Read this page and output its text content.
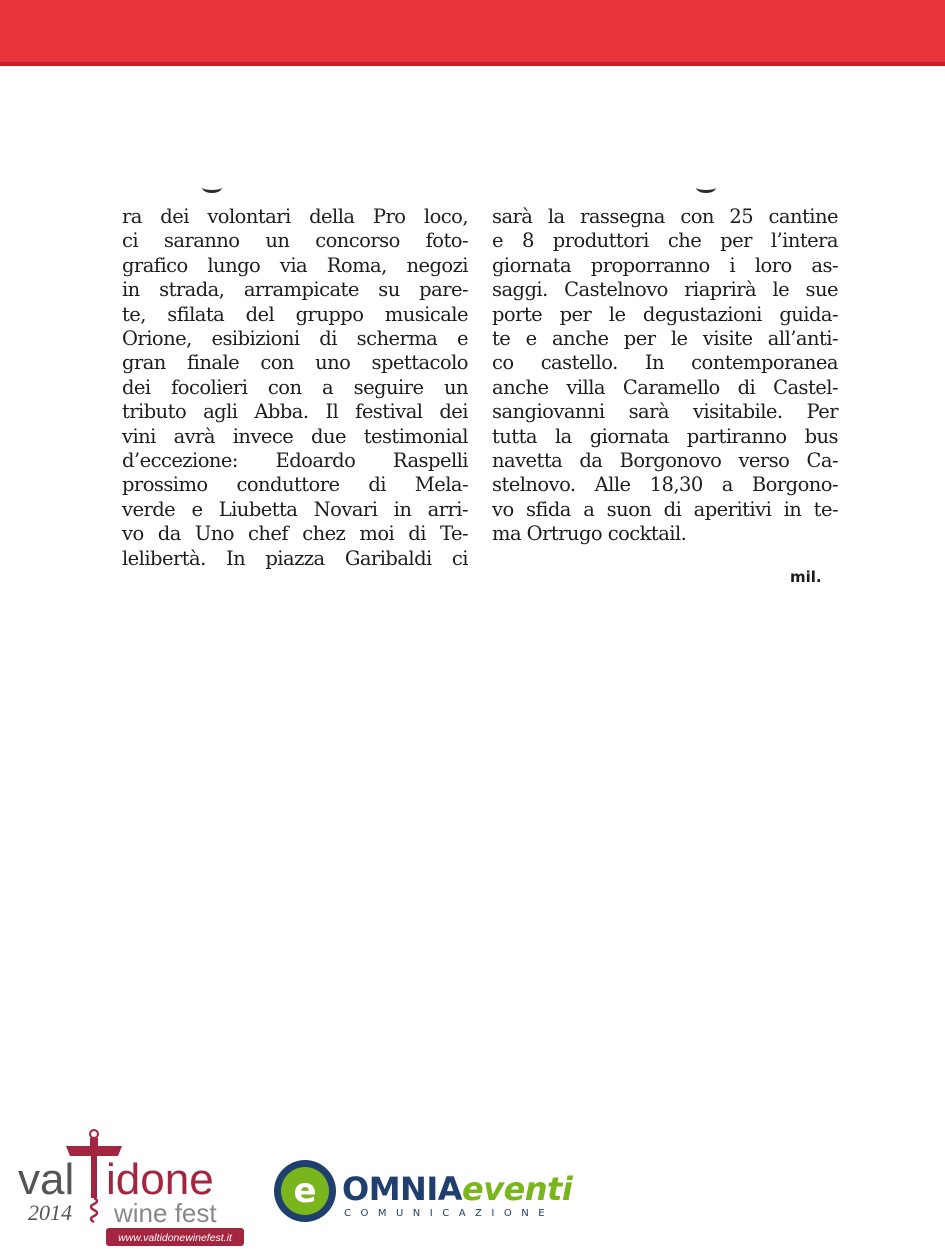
ra dei volontari della Pro loco,
ci saranno un concorso foto-
grafico lungo via Roma, negozi
in strada, arrampicate su pare-
te, sfilata del gruppo musicale
Orione, esibizioni di scherma e
gran finale con uno spettacolo
dei focolieri con a seguire un
tributo agli Abba. Il festival dei
vini avrà invece due testimonial
d’eccezione: Edoardo Raspelli
prossimo conduttore di Mela-
verde e Liubetta Novari in arri-
vo da Uno chef chez moi di Te-
lelibertà. In piazza Garibaldi ci
sarà la rassegna con 25 cantine
e 8 produttori che per l’intera
giornata proporranno i loro as-
saggi. Castelnovo riaprirà le sue
porte per le degustazioni guida-
te e anche per le visite all’anti-
co castello. In contemporanea
anche villa Caramello di Castel-
sangiovanni sarà visitabile. Per
tutta la giornata partiranno bus
navetta da Borgonovo verso Ca-
stelnovo. Alle 18,30 a Borgono-
vo sfida a suon di aperitivi in te-
ma Ortrugo cocktail.
mil.
val idone
2014 wine fest
www.valtidonewinefest.it
e OMNIAeventi
COMUNICAZIONE
